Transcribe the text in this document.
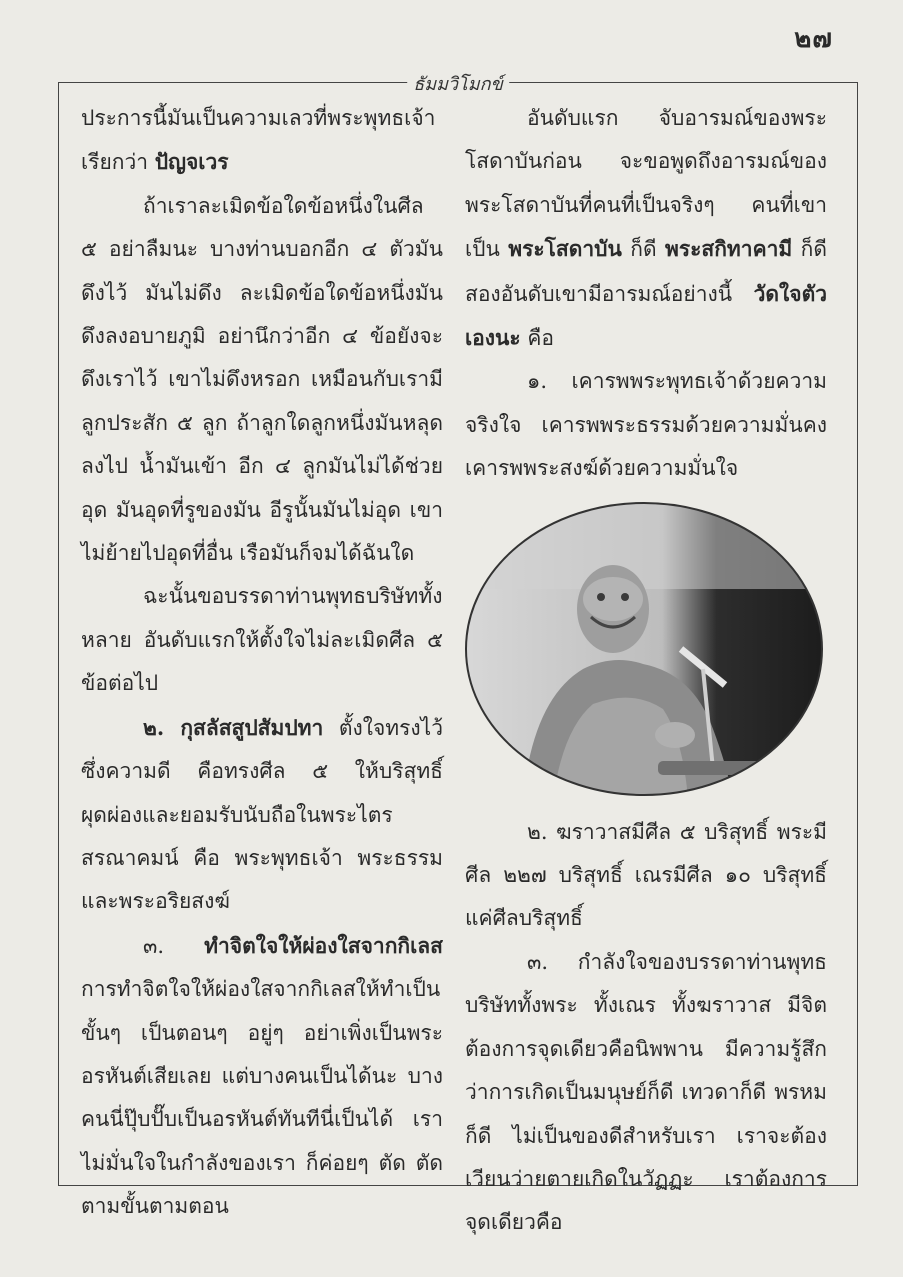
๒๗
ธัมมวิโมกข์

ประการนี้มันเป็นความเลวที่พระพุทธเจ้าเรียกว่า ปัญจเวร

ถ้าเราละเมิดข้อใดข้อหนึ่งในศีล ๕ อย่าลืมนะ บางท่านบอกอีก ๔ ตัวมันดึงไว้ มันไม่ดึง ละเมิดข้อใดข้อหนึ่งมันดึงลงอบายภูมิ อย่านึกว่าอีก ๔ ข้อยังจะดึงเราไว้ เขาไม่ดึงหรอก เหมือนกับเรามีลูกประสัก ๕ ลูก ถ้าลูกใดลูกหนึ่งมันหลุดลงไป น้ำมันเข้า อีก ๔ ลูกมันไม่ได้ช่วยอุด มันอุดที่รูของมัน อีรูนั้นมันไม่อุด เขาไม่ย้ายไปอุดที่อื่น เรือมันก็จมได้ฉันใด

ฉะนั้นขอบรรดาท่านพุทธบริษัททั้งหลาย อันดับแรกให้ตั้งใจไม่ละเมิดศีล ๕ ข้อต่อไป

๒. กุสลัสสูปสัมปทา ตั้งใจทรงไว้ซึ่งความดี คือทรงศีล ๕ ให้บริสุทธิ์ผุดผ่องและยอมรับนับถือในพระไตรสรณาคมน์ คือ พระพุทธเจ้า พระธรรม และพระอริยสงฆ์

๓. ทำจิตใจให้ผ่องใสจากกิเลส การทำจิตใจให้ผ่องใสจากกิเลสให้ทำเป็นขั้นๆ เป็นตอนๆ อยู่ๆ อย่าเพิ่งเป็นพระอรหันต์เสียเลย แต่บางคนเป็นได้นะ บางคนนี่ปุ๊บปั๊บเป็นอรหันต์ทันทีนี่เป็นได้ เราไม่มั่นใจในกำลังของเรา ก็ค่อยๆ ตัด ตัดตามขั้นตามตอน

อันดับแรก จับอารมณ์ของพระโสดาบันก่อน จะขอพูดถึงอารมณ์ของพระโสดาบันที่คนที่เป็นจริงๆ คนที่เขาเป็น พระโสดาบัน ก็ดี พระสกิทาคามี ก็ดี สองอันดับเขามีอารมณ์อย่างนี้ วัดใจตัวเองนะ คือ

๑. เคารพพระพุทธเจ้าด้วยความจริงใจ เคารพพระธรรมด้วยความมั่นคง เคารพพระสงฆ์ด้วยความมั่นใจ

๒. ฆราวาสมีศีล ๕ บริสุทธิ์ พระมีศีล ๒๒๗ บริสุทธิ์ เณรมีศีล ๑๐ บริสุทธิ์ แค่ศีลบริสุทธิ์

๓. กำลังใจของบรรดาท่านพุทธบริษัททั้งพระ ทั้งเณร ทั้งฆราวาส มีจิตต้องการจุดเดียวคือนิพพาน มีความรู้สึกว่าการเกิดเป็นมนุษย์ก็ดี เทวดาก็ดี พรหมก็ดี ไม่เป็นของดีสำหรับเรา เราจะต้องเวียนว่ายตายเกิดในวัฏฏะ เราต้องการจุดเดียวคือ
